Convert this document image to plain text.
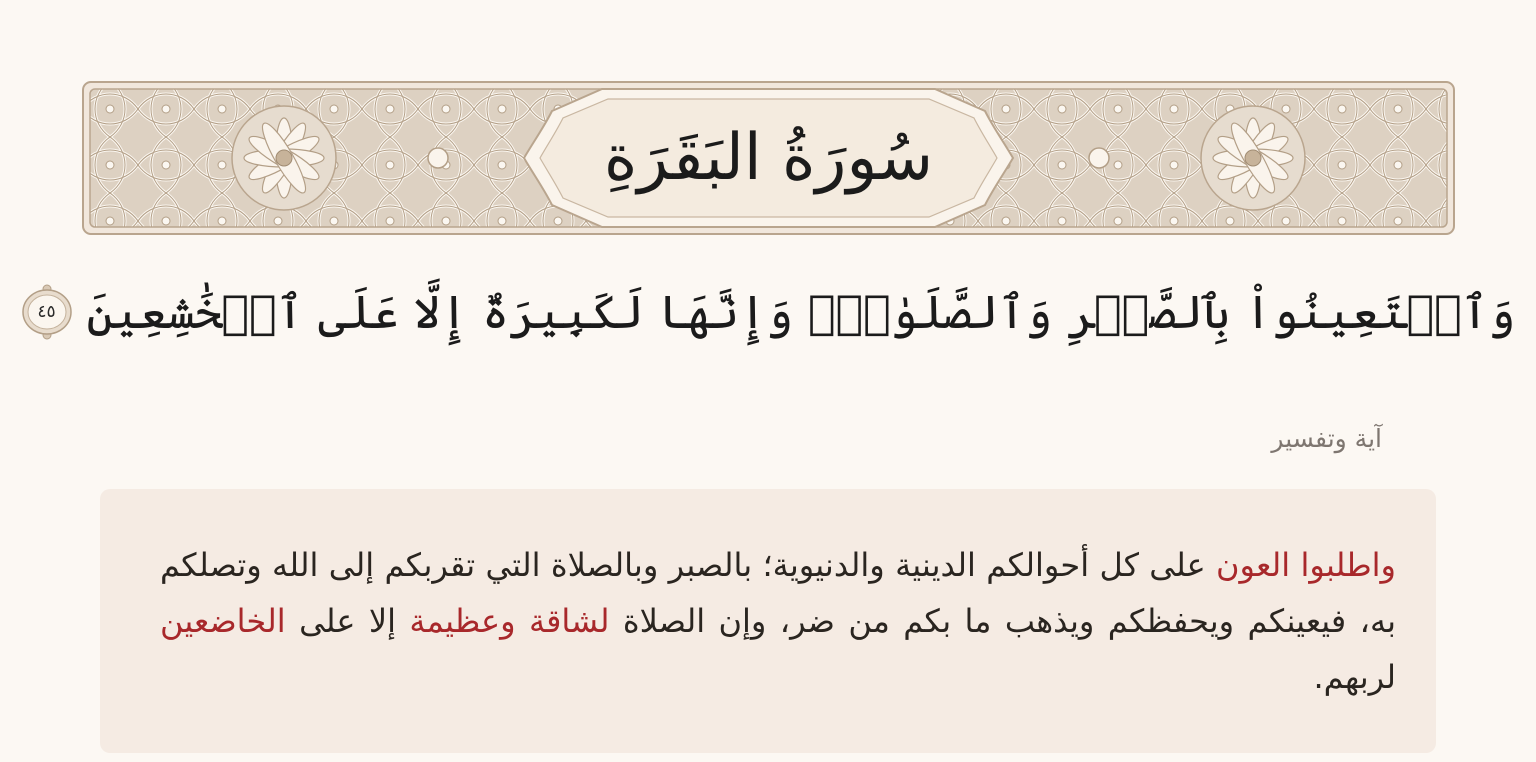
سُورَةُ البَقَرَةِ
وَٱسۡتَعِينُواْ بِٱلصَّبۡرِ وَٱلصَّلَوٰةِۚ وَإِنَّهَا لَكَبِيرَةٌ إِلَّا عَلَى ٱلۡخَٰشِعِينَ
٤٥
آية وتفسير
واطلبوا العون على كل أحوالكم الدينية والدنيوية؛ بالصبر وبالصلاة التي تقربكم إلى الله وتصلكم به، فيعينكم ويحفظكم ويذهب ما بكم من ضر، وإن الصلاة لشاقة وعظيمة إلا على الخاضعين لربهم.
